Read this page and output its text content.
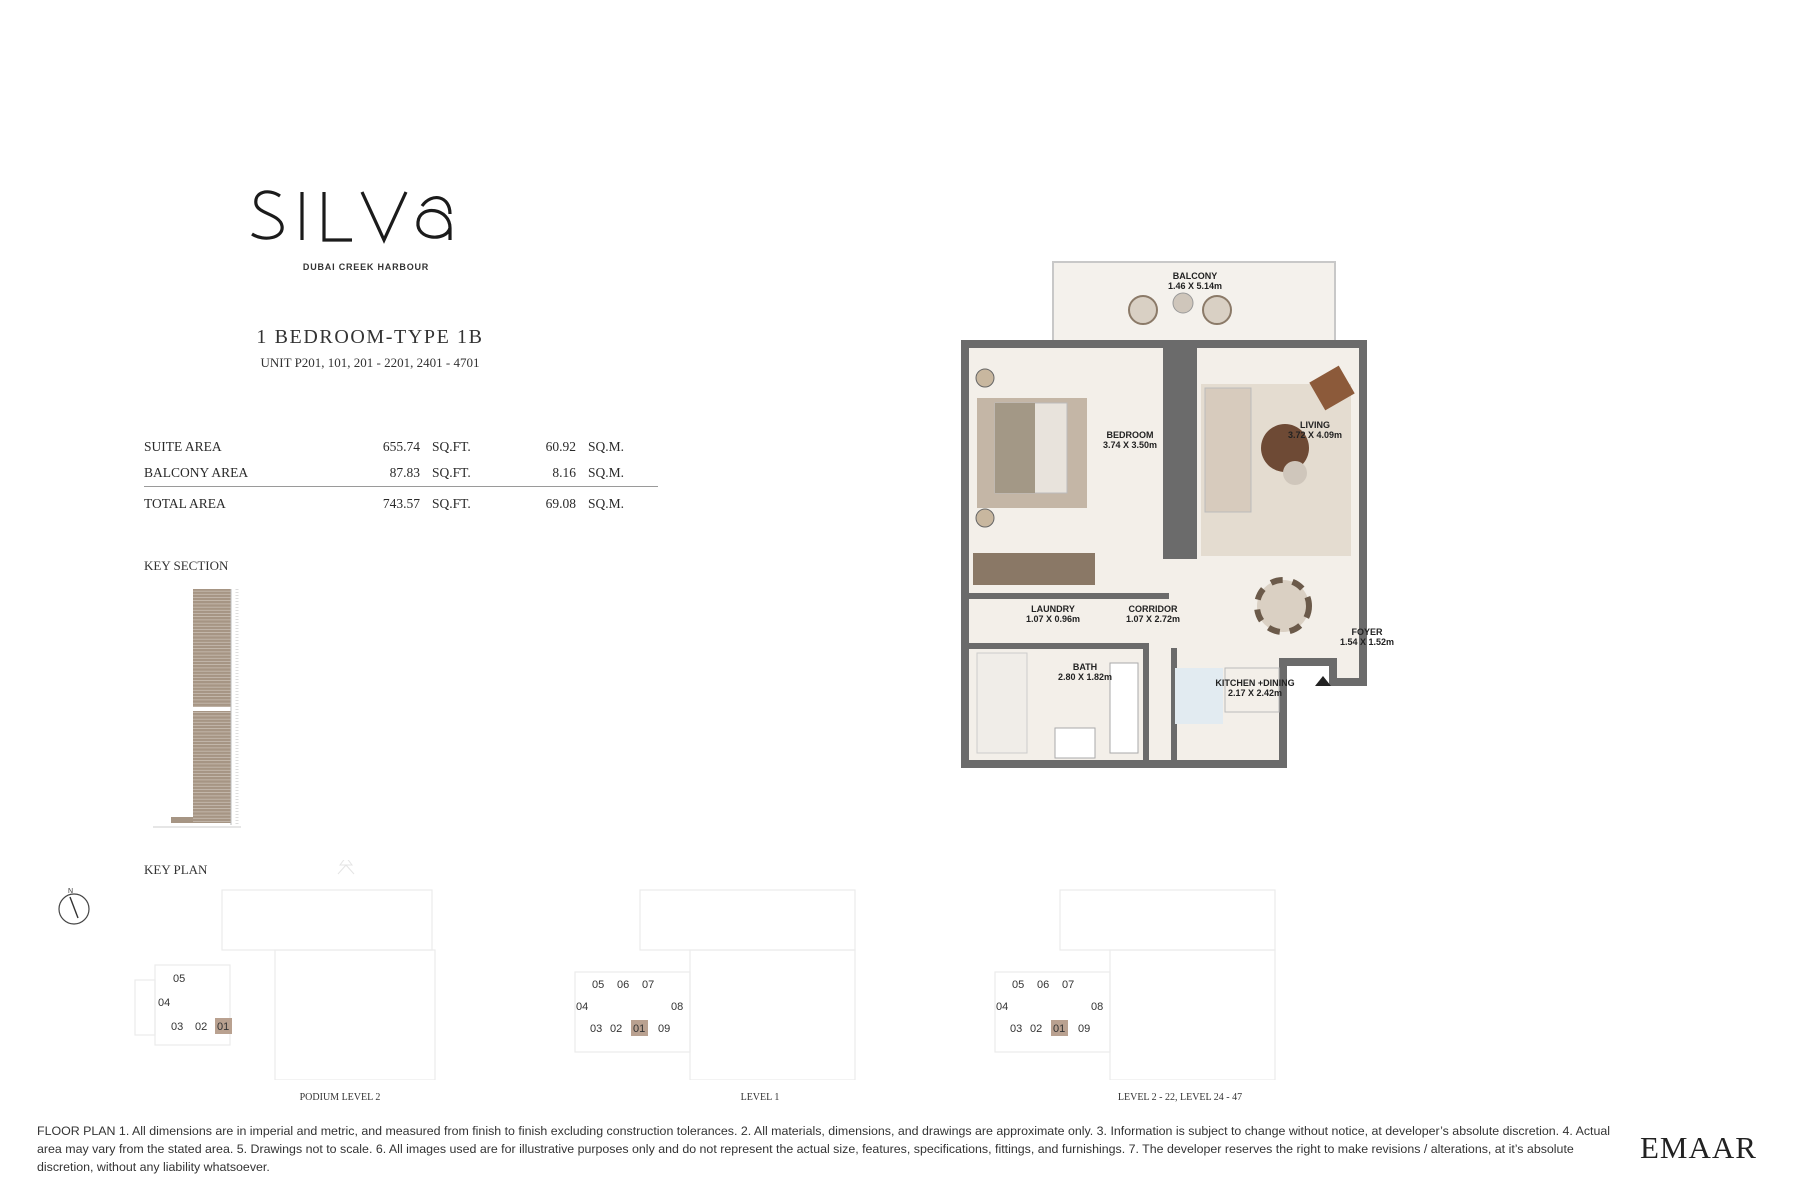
DUBAI CREEK HARBOUR
1 BEDROOM-TYPE 1B
UNIT P201, 101, 201 - 2201, 2401 - 4701
SUITE AREA	655.74	SQ.FT.	60.92	SQ.M.
BALCONY AREA	87.83	SQ.FT.	8.16	SQ.M.
TOTAL AREA	743.57	SQ.FT.	69.08	SQ.M.
KEY SECTION
KEY PLAN
N
05
04
03 02 01
PODIUM LEVEL 2
05 06 07
04
03 02 01 09
08
LEVEL 1
05 06 07
04
03 02 01 09
08
LEVEL 2 - 22, LEVEL 24 - 47
BALCONY
1.46 X 5.14m
BEDROOM
3.74 X 3.50m
LIVING
3.72 X 4.09m
LAUNDRY
1.07 X 0.96m
CORRIDOR
1.07 X 2.72m
FOYER
1.54 X 1.52m
BATH
2.80 X 1.82m
KITCHEN +DINING
2.17 X 2.42m
FLOOR PLAN 1. All dimensions are in imperial and metric, and measured from finish to finish excluding construction tolerances. 2. All materials, dimensions, and drawings are approximate only. 3. Information is subject to change without notice, at developer’s absolute discretion. 4. Actual area may vary from the stated area. 5. Drawings not to scale. 6. All images used are for illustrative purposes only and do not represent the actual size, features, specifications, fittings, and furnishings. 7. The developer reserves the right to make revisions / alterations, at it’s absolute discretion, without any liability whatsoever.
EMAAR
